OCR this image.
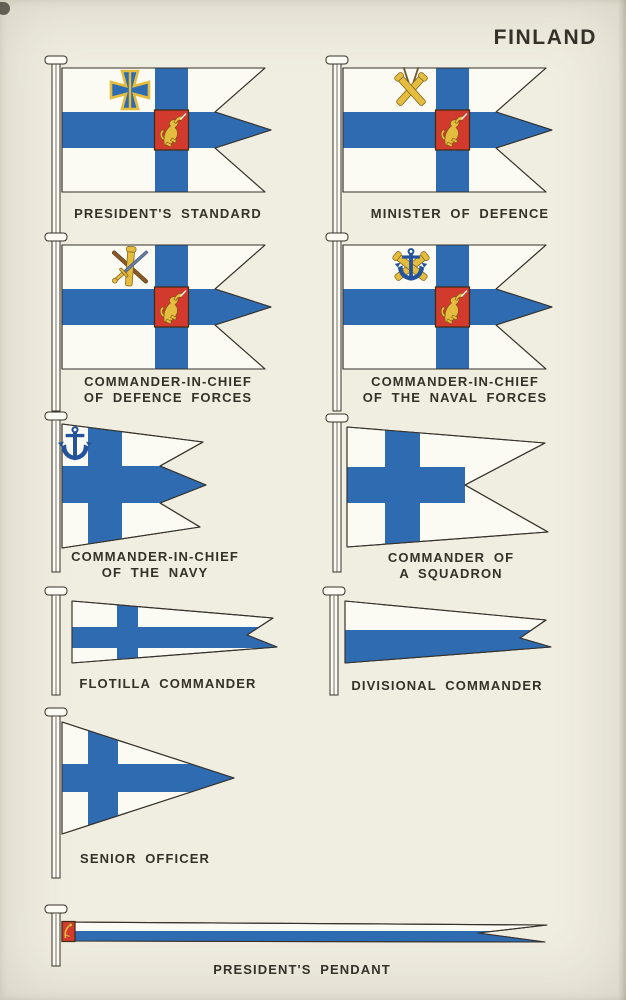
FINLAND
PRESIDENT'S STANDARD	MINISTER OF DEFENCE
COMMANDER-IN-CHIEF
OF DEFENCE FORCES
COMMANDER-IN-CHIEF
OF THE NAVAL FORCES
COMMANDER-IN-CHIEF
OF THE NAVY
COMMANDER OF
A SQUADRON
FLOTILLA COMMANDER	DIVISIONAL COMMANDER
SENIOR OFFICER
PRESIDENT'S PENDANT
